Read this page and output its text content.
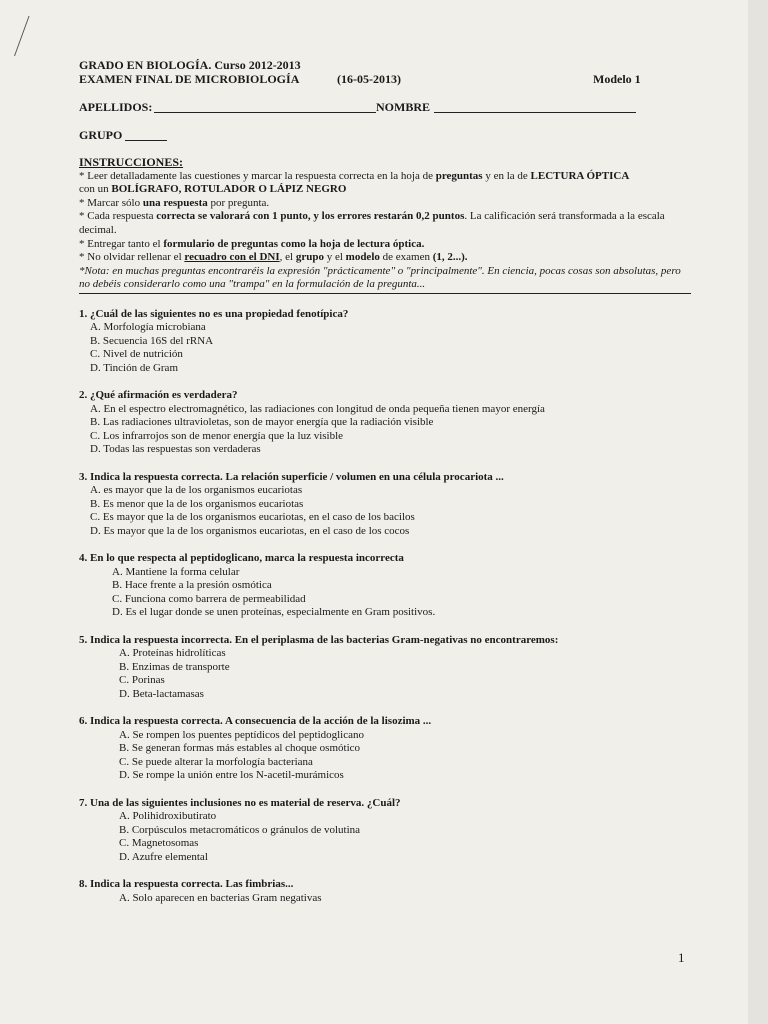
GRADO EN BIOLOGÍA. Curso 2012-2013
EXAMEN FINAL DE MICROBIOLOGÍA	(16-05-2013)	Modelo 1
APELLIDOS:	NOMBRE
GRUPO
INSTRUCCIONES:
* Leer detalladamente las cuestiones y marcar la respuesta correcta en la hoja de preguntas y en la de LECTURA ÓPTICA
con un BOLÍGRAFO, ROTULADOR O LÁPIZ NEGRO
* Marcar sólo una respuesta por pregunta.
* Cada respuesta correcta se valorará con 1 punto, y los errores restarán 0,2 puntos. La calificación será transformada a la escala decimal.
* Entregar tanto el formulario de preguntas como la hoja de lectura óptica.
* No olvidar rellenar el recuadro con el DNI, el grupo y el modelo de examen (1, 2...).
*Nota: en muchas preguntas encontraréis la expresión "prácticamente" o "principalmente". En ciencia, pocas cosas son absolutas, pero no debéis considerarlo como una "trampa" en la formulación de la pregunta...
1. ¿Cuál de las siguientes no es una propiedad fenotípica?
A. Morfología microbiana
B. Secuencia 16S del rRNA
C. Nivel de nutrición
D. Tinción de Gram
2. ¿Qué afirmación es verdadera?
A. En el espectro electromagnético, las radiaciones con longitud de onda pequeña tienen mayor energía
B. Las radiaciones ultravioletas, son de mayor energía que la radiación visible
C. Los infrarrojos son de menor energía que la luz visible
D. Todas las respuestas son verdaderas
3. Indica la respuesta correcta. La relación superficie / volumen en una célula procariota ...
A. es mayor que la de los organismos eucariotas
B. Es menor que la de los organismos eucariotas
C. Es mayor que la de los organismos eucariotas, en el caso de los bacilos
D. Es mayor que la de los organismos eucariotas, en el caso de los cocos
4. En lo que respecta al peptidoglicano, marca la respuesta incorrecta
A. Mantiene la forma celular
B. Hace frente a la presión osmótica
C. Funciona como barrera de permeabilidad
D. Es el lugar donde se unen proteínas, especialmente en Gram positivos.
5. Indica la respuesta incorrecta. En el periplasma de las bacterias Gram-negativas no encontraremos:
A. Proteínas hidrolíticas
B. Enzimas de transporte
C. Porinas
D. Beta-lactamasas
6. Indica la respuesta correcta. A consecuencia de la acción de la lisozima ...
A. Se rompen los puentes peptídicos del peptidoglicano
B. Se generan formas más estables al choque osmótico
C. Se puede alterar la morfología bacteriana
D. Se rompe la unión entre los N-acetil-murámicos
7. Una de las siguientes inclusiones no es material de reserva. ¿Cuál?
A. Polihidroxibutirato
B. Corpúsculos metacromáticos o gránulos de volutina
C. Magnetosomas
D. Azufre elemental
8. Indica la respuesta correcta. Las fimbrias...
A. Solo aparecen en bacterias Gram negativas
1
